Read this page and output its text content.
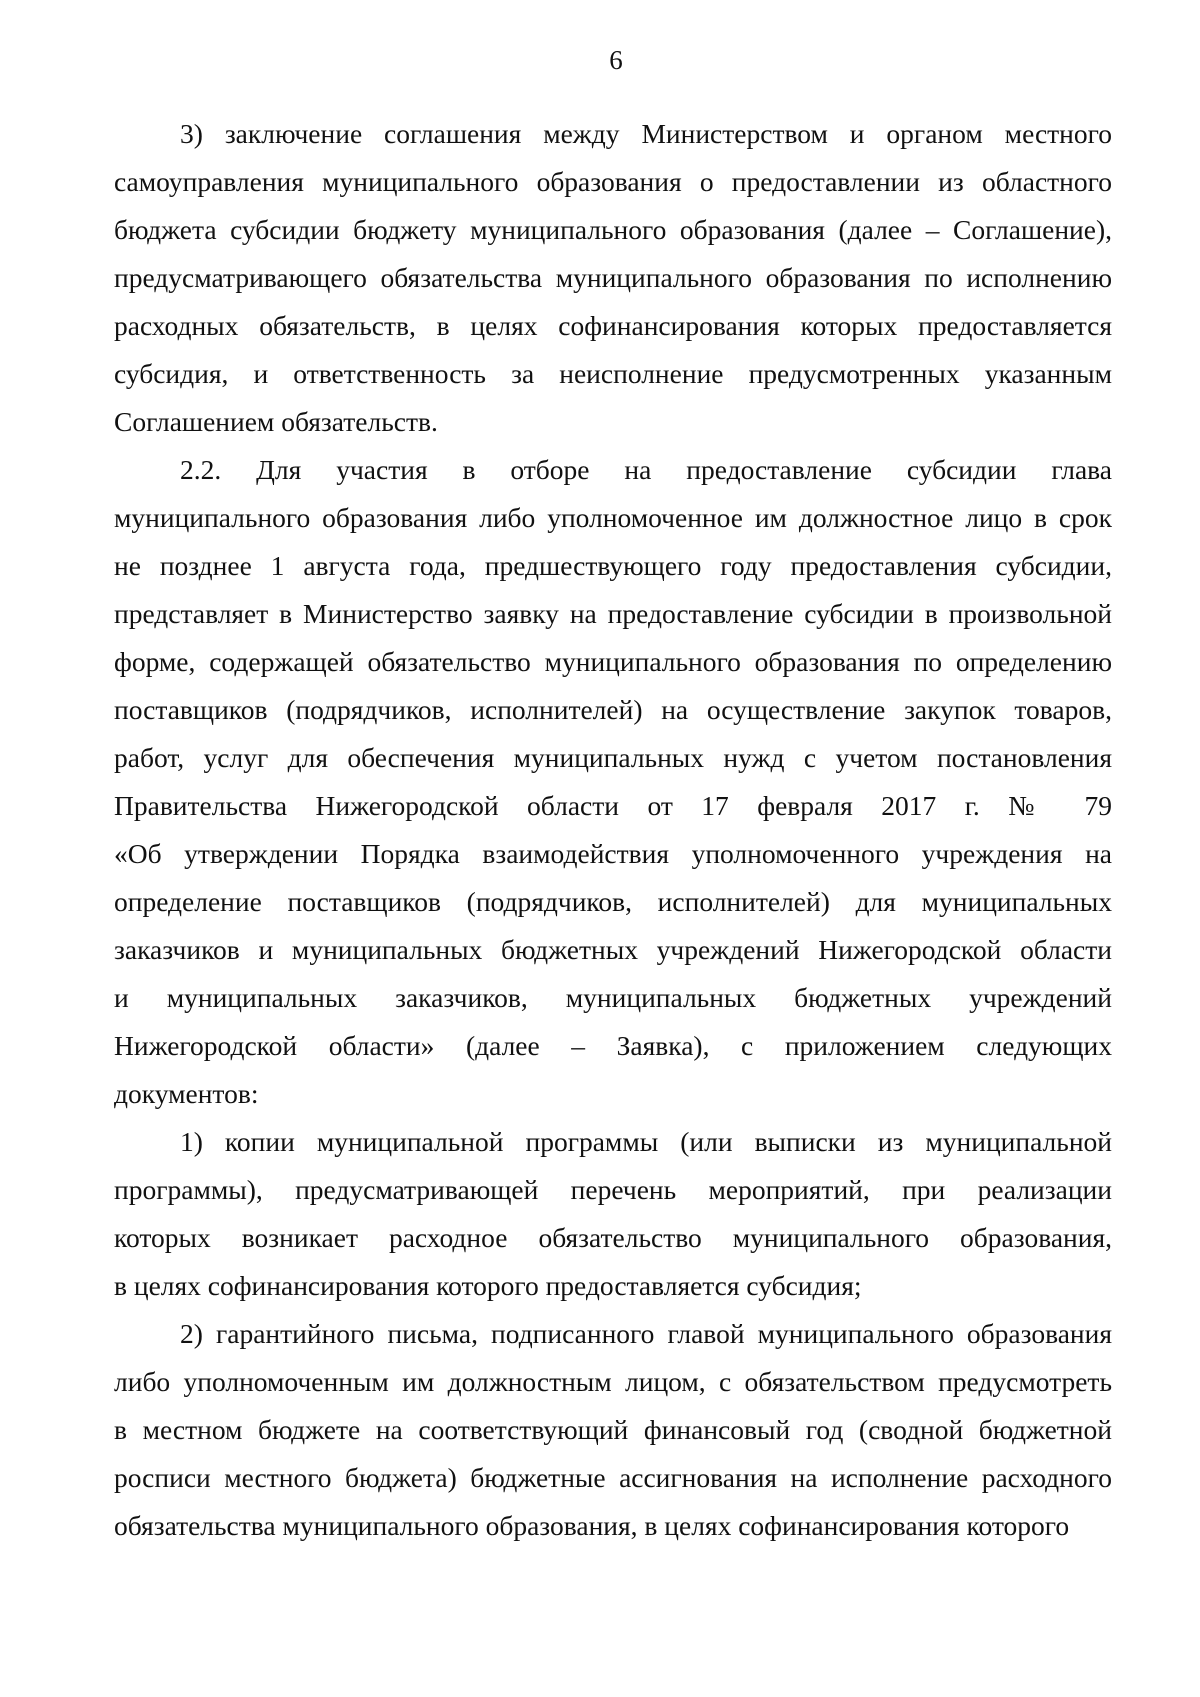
6
3) заключение соглашения между Министерством и органом местного
самоуправления муниципального образования о предоставлении из областного
бюджета субсидии бюджету муниципального образования (далее – Соглашение),
предусматривающего обязательства муниципального образования по исполнению
расходных обязательств, в целях софинансирования которых предоставляется
субсидия, и ответственность за неисполнение предусмотренных указанным
Соглашением обязательств.
2.2. Для участия в отборе на предоставление субсидии глава
муниципального образования либо уполномоченное им должностное лицо в срок
не позднее 1 августа года, предшествующего году предоставления субсидии,
представляет в Министерство заявку на предоставление субсидии в произвольной
форме, содержащей обязательство муниципального образования по определению
поставщиков (подрядчиков, исполнителей) на осуществление закупок товаров,
работ, услуг для обеспечения муниципальных нужд с учетом постановления
Правительства Нижегородской области от 17 февраля 2017 г. № 79
«Об утверждении Порядка взаимодействия уполномоченного учреждения на
определение поставщиков (подрядчиков, исполнителей) для муниципальных
заказчиков и муниципальных бюджетных учреждений Нижегородской области
и муниципальных заказчиков, муниципальных бюджетных учреждений
Нижегородской области» (далее – Заявка), с приложением следующих
документов:
1) копии муниципальной программы (или выписки из муниципальной
программы), предусматривающей перечень мероприятий, при реализации
которых возникает расходное обязательство муниципального образования,
в целях софинансирования которого предоставляется субсидия;
2) гарантийного письма, подписанного главой муниципального образования
либо уполномоченным им должностным лицом, с обязательством предусмотреть
в местном бюджете на соответствующий финансовый год (сводной бюджетной
росписи местного бюджета) бюджетные ассигнования на исполнение расходного
обязательства муниципального образования, в целях софинансирования которого
